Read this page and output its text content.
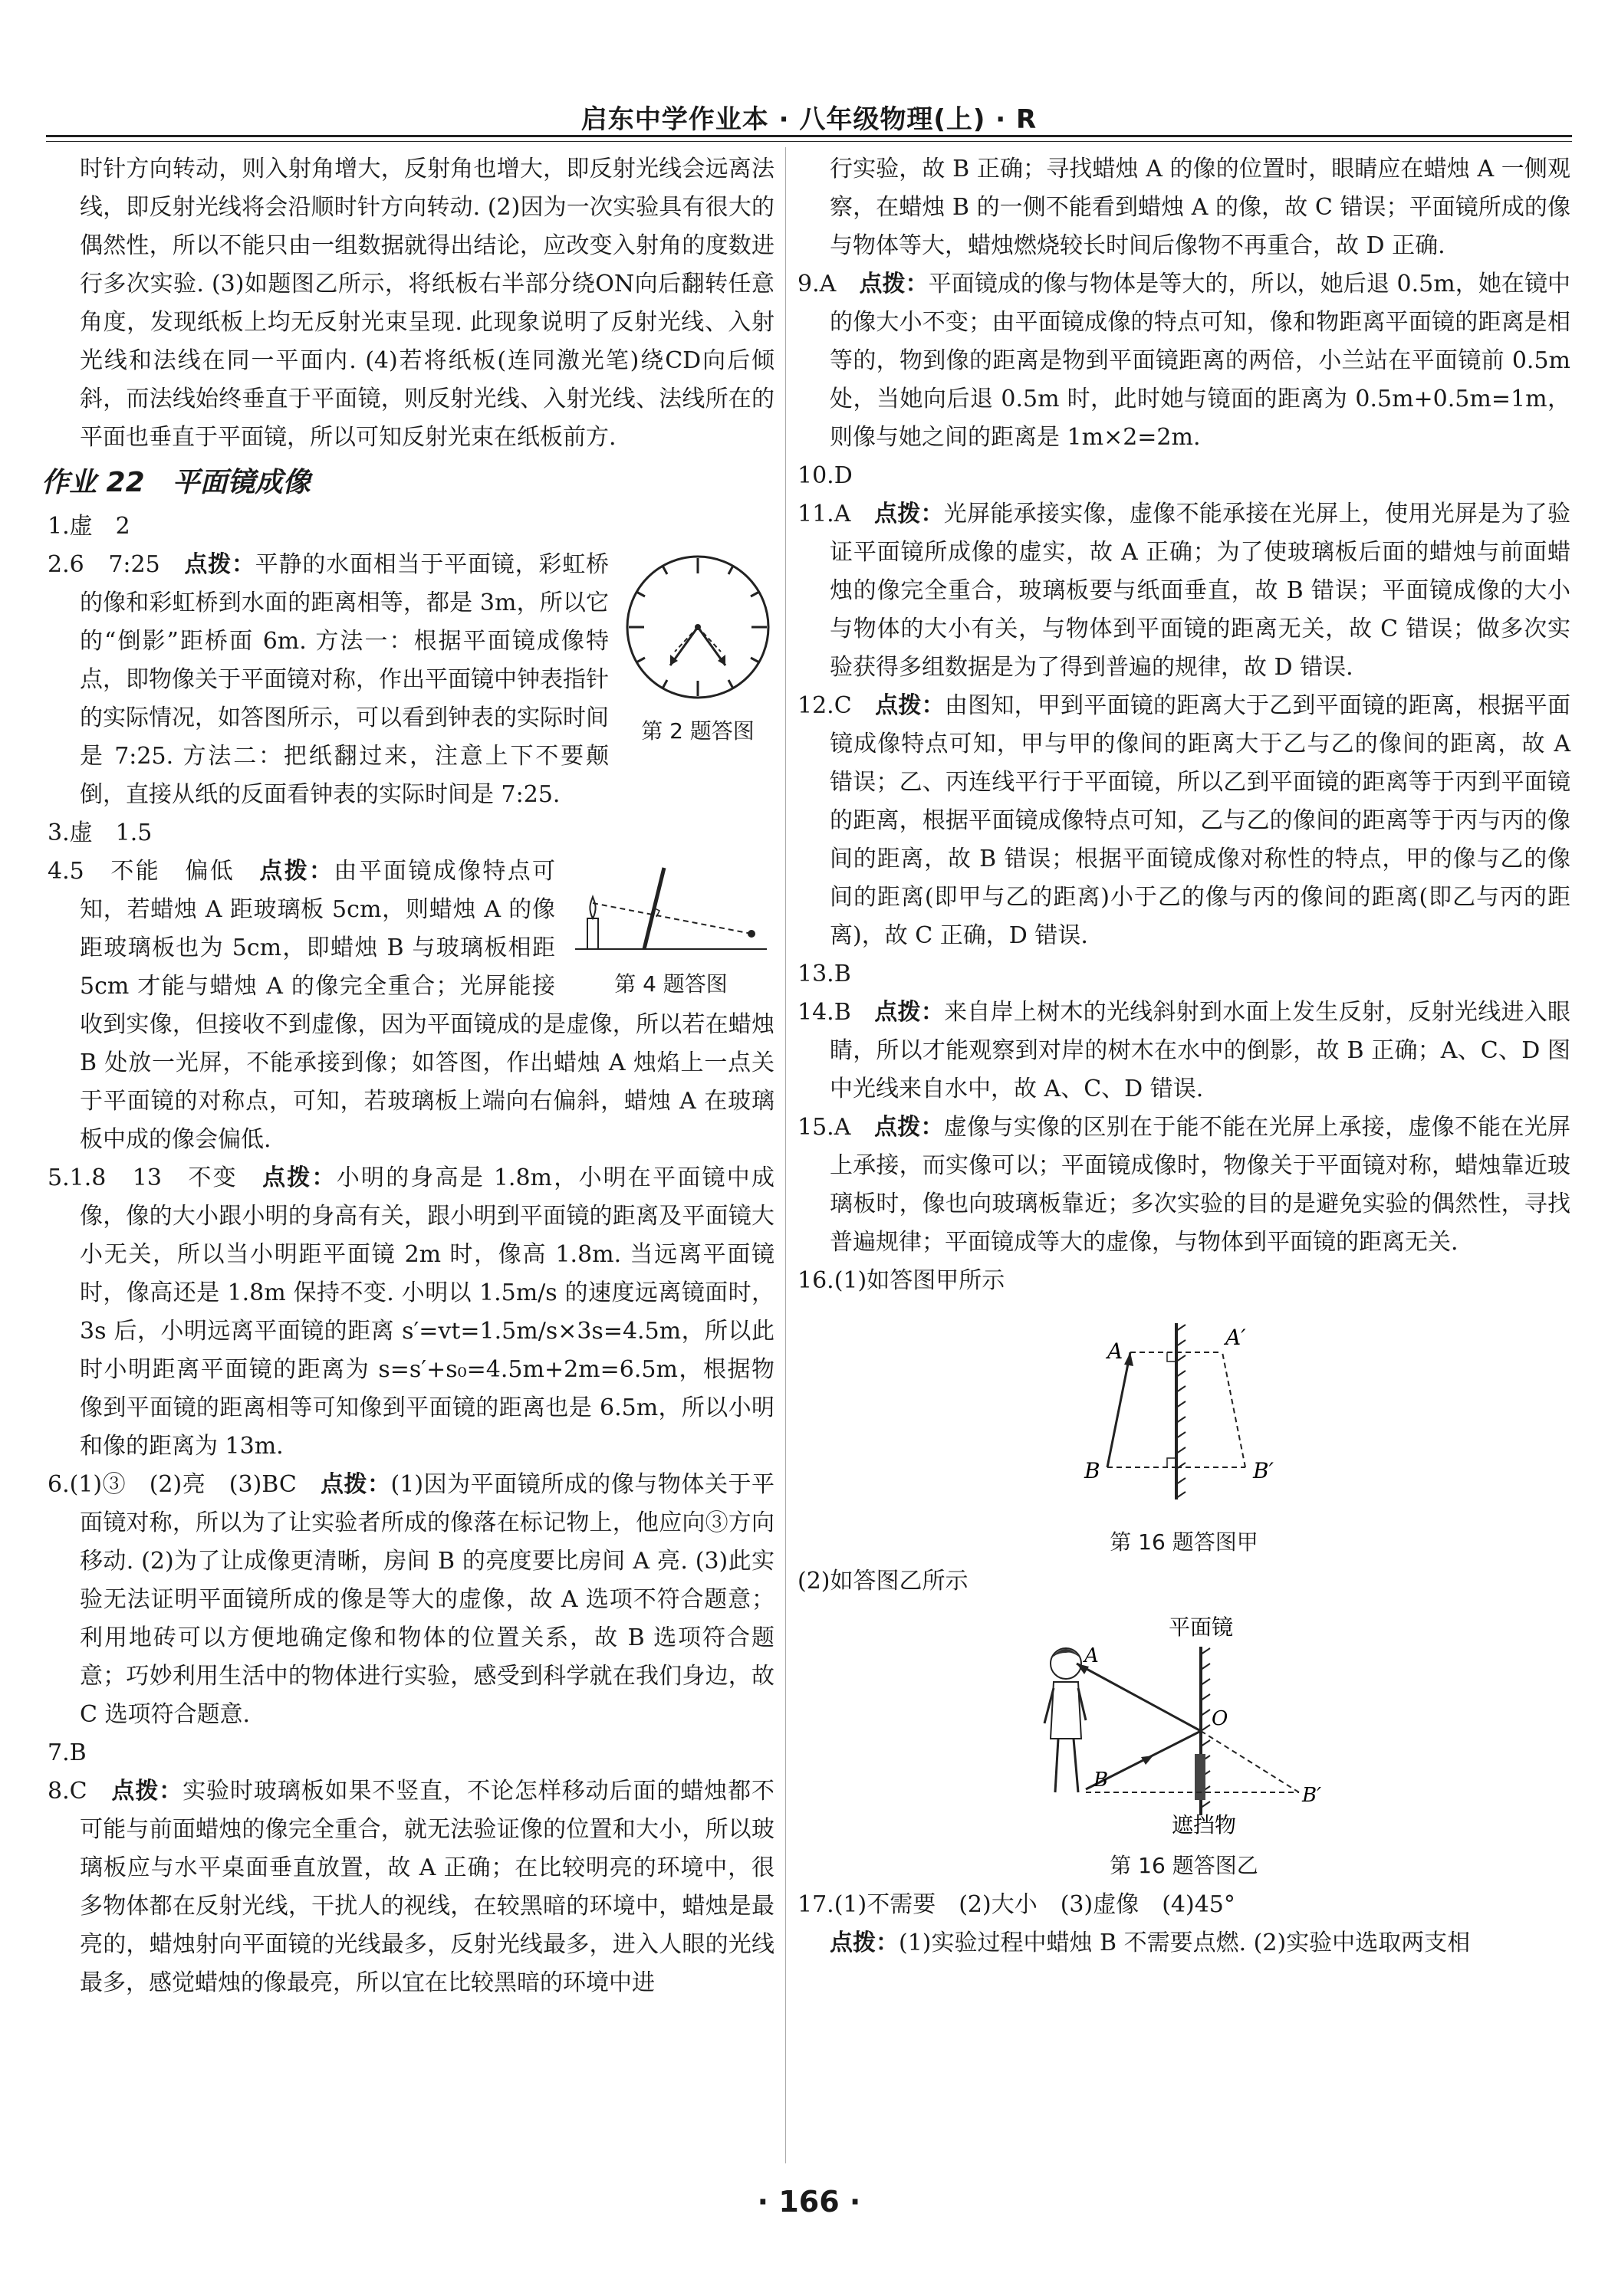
启东中学作业本 · 八年级物理(上) · R

时针方向转动，则入射角增大，反射角也增大，即反射光线会远离法线，即反射光线将会沿顺时针方向转动. (2)因为一次实验具有很大的偶然性，所以不能只由一组数据就得出结论，应改变入射角的度数进行多次实验. (3)如题图乙所示，将纸板右半部分绕ON向后翻转任意角度，发现纸板上均无反射光束呈现. 此现象说明了反射光线、入射光线和法线在同一平面内. (4)若将纸板(连同激光笔)绕CD向后倾斜，而法线始终垂直于平面镜，则反射光线、入射光线、法线所在的平面也垂直于平面镜，所以可知反射光束在纸板前方.

作业 22　平面镜成像

1.虚　2

第 2 题答图

2.6　7:25　 点拨：平静的水面相当于平面镜，彩虹桥的像和彩虹桥到水面的距离相等，都是 3m，所以它的“倒影”距桥面 6m. 方法一：根据平面镜成像特点，即物像关于平面镜对称，作出平面镜中钟表指针的实际情况，如答图所示，可以看到钟表的实际时间是 7:25. 方法二：把纸翻过来，注意上下不要颠倒，直接从纸的反面看钟表的实际时间是 7:25.

3.虚　1.5

第 4 题答图

4.5　不能　偏低　 点拨：由平面镜成像特点可知，若蜡烛 A 距玻璃板 5cm，则蜡烛 A 的像距玻璃板也为 5cm，即蜡烛 B 与玻璃板相距 5cm 才能与蜡烛 A 的像完全重合；光屏能接收到实像，但接收不到虚像，因为平面镜成的是虚像，所以若在蜡烛 B 处放一光屏，不能承接到像；如答图，作出蜡烛 A 烛焰上一点关于平面镜的对称点，可知，若玻璃板上端向右偏斜，蜡烛 A 在玻璃板中成的像会偏低.

5.1.8　13　不变　 点拨：小明的身高是 1.8m，小明在平面镜中成像，像的大小跟小明的身高有关，跟小明到平面镜的距离及平面镜大小无关，所以当小明距平面镜 2m 时，像高 1.8m. 当远离平面镜时，像高还是 1.8m 保持不变. 小明以 1.5m/s 的速度远离镜面时，3s 后，小明远离平面镜的距离 s′=vt=1.5m/s×3s=4.5m，所以此时小明距离平面镜的距离为 s=s′+s₀=4.5m+2m=6.5m，根据物像到平面镜的距离相等可知像到平面镜的距离也是 6.5m，所以小明和像的距离为 13m.

6.(1)③　(2)亮　(3)BC　 点拨：(1)因为平面镜所成的像与物体关于平面镜对称，所以为了让实验者所成的像落在标记物上，他应向③方向移动. (2)为了让成像更清晰，房间 B 的亮度要比房间 A 亮. (3)此实验无法证明平面镜所成的像是等大的虚像，故 A 选项不符合题意；利用地砖可以方便地确定像和物体的位置关系，故 B 选项符合题意；巧妙利用生活中的物体进行实验，感受到科学就在我们身边，故 C 选项符合题意.

7.B

8.C　 点拨：实验时玻璃板如果不竖直，不论怎样移动后面的蜡烛都不可能与前面蜡烛的像完全重合，就无法验证像的位置和大小，所以玻璃板应与水平桌面垂直放置，故 A 正确；在比较明亮的环境中，很多物体都在反射光线，干扰人的视线，在较黑暗的环境中，蜡烛是最亮的，蜡烛射向平面镜的光线最多，反射光线最多，进入人眼的光线最多，感觉蜡烛的像最亮，所以宜在比较黑暗的环境中进

行实验，故 B 正确；寻找蜡烛 A 的像的位置时，眼睛应在蜡烛 A 一侧观察，在蜡烛 B 的一侧不能看到蜡烛 A 的像，故 C 错误；平面镜所成的像与物体等大，蜡烛燃烧较长时间后像物不再重合，故 D 正确.

9.A　 点拨：平面镜成的像与物体是等大的，所以，她后退 0.5m，她在镜中的像大小不变；由平面镜成像的特点可知，像和物距离平面镜的距离是相等的，物到像的距离是物到平面镜距离的两倍，小兰站在平面镜前 0.5m 处，当她向后退 0.5m 时，此时她与镜面的距离为 0.5m+0.5m=1m，则像与她之间的距离是 1m×2=2m.

10.D

11.A　 点拨：光屏能承接实像，虚像不能承接在光屏上，使用光屏是为了验证平面镜所成像的虚实，故 A 正确；为了使玻璃板后面的蜡烛与前面蜡烛的像完全重合，玻璃板要与纸面垂直，故 B 错误；平面镜成像的大小与物体的大小有关，与物体到平面镜的距离无关，故 C 错误；做多次实验获得多组数据是为了得到普遍的规律，故 D 错误.

12.C　 点拨：由图知，甲到平面镜的距离大于乙到平面镜的距离，根据平面镜成像特点可知，甲与甲的像间的距离大于乙与乙的像间的距离，故 A 错误；乙、丙连线平行于平面镜，所以乙到平面镜的距离等于丙到平面镜的距离，根据平面镜成像特点可知，乙与乙的像间的距离等于丙与丙的像间的距离，故 B 错误；根据平面镜成像对称性的特点，甲的像与乙的像间的距离(即甲与乙的距离)小于乙的像与丙的像间的距离(即乙与丙的距离)，故 C 正确，D 错误.

13.B

14.B　 点拨：来自岸上树木的光线斜射到水面上发生反射，反射光线进入眼睛，所以才能观察到对岸的树木在水中的倒影，故 B 正确；A、C、D 图中光线来自水中，故 A、C、D 错误.

15.A　 点拨：虚像与实像的区别在于能不能在光屏上承接，虚像不能在光屏上承接，而实像可以；平面镜成像时，物像关于平面镜对称，蜡烛靠近玻璃板时，像也向玻璃板靠近；多次实验的目的是避免实验的偶然性，寻找普遍规律；平面镜成等大的虚像，与物体到平面镜的距离无关.

16.(1)如答图甲所示

A
A′
B	B′
第 16 题答图甲

(2)如答图乙所示

平面镜
A
O
B
B′
遮挡物
第 16 题答图乙

17.(1)不需要　(2)大小　(3)虚像　(4)45°

点拨：(1)实验过程中蜡烛 B 不需要点燃. (2)实验中选取两支相

· 166 ·
